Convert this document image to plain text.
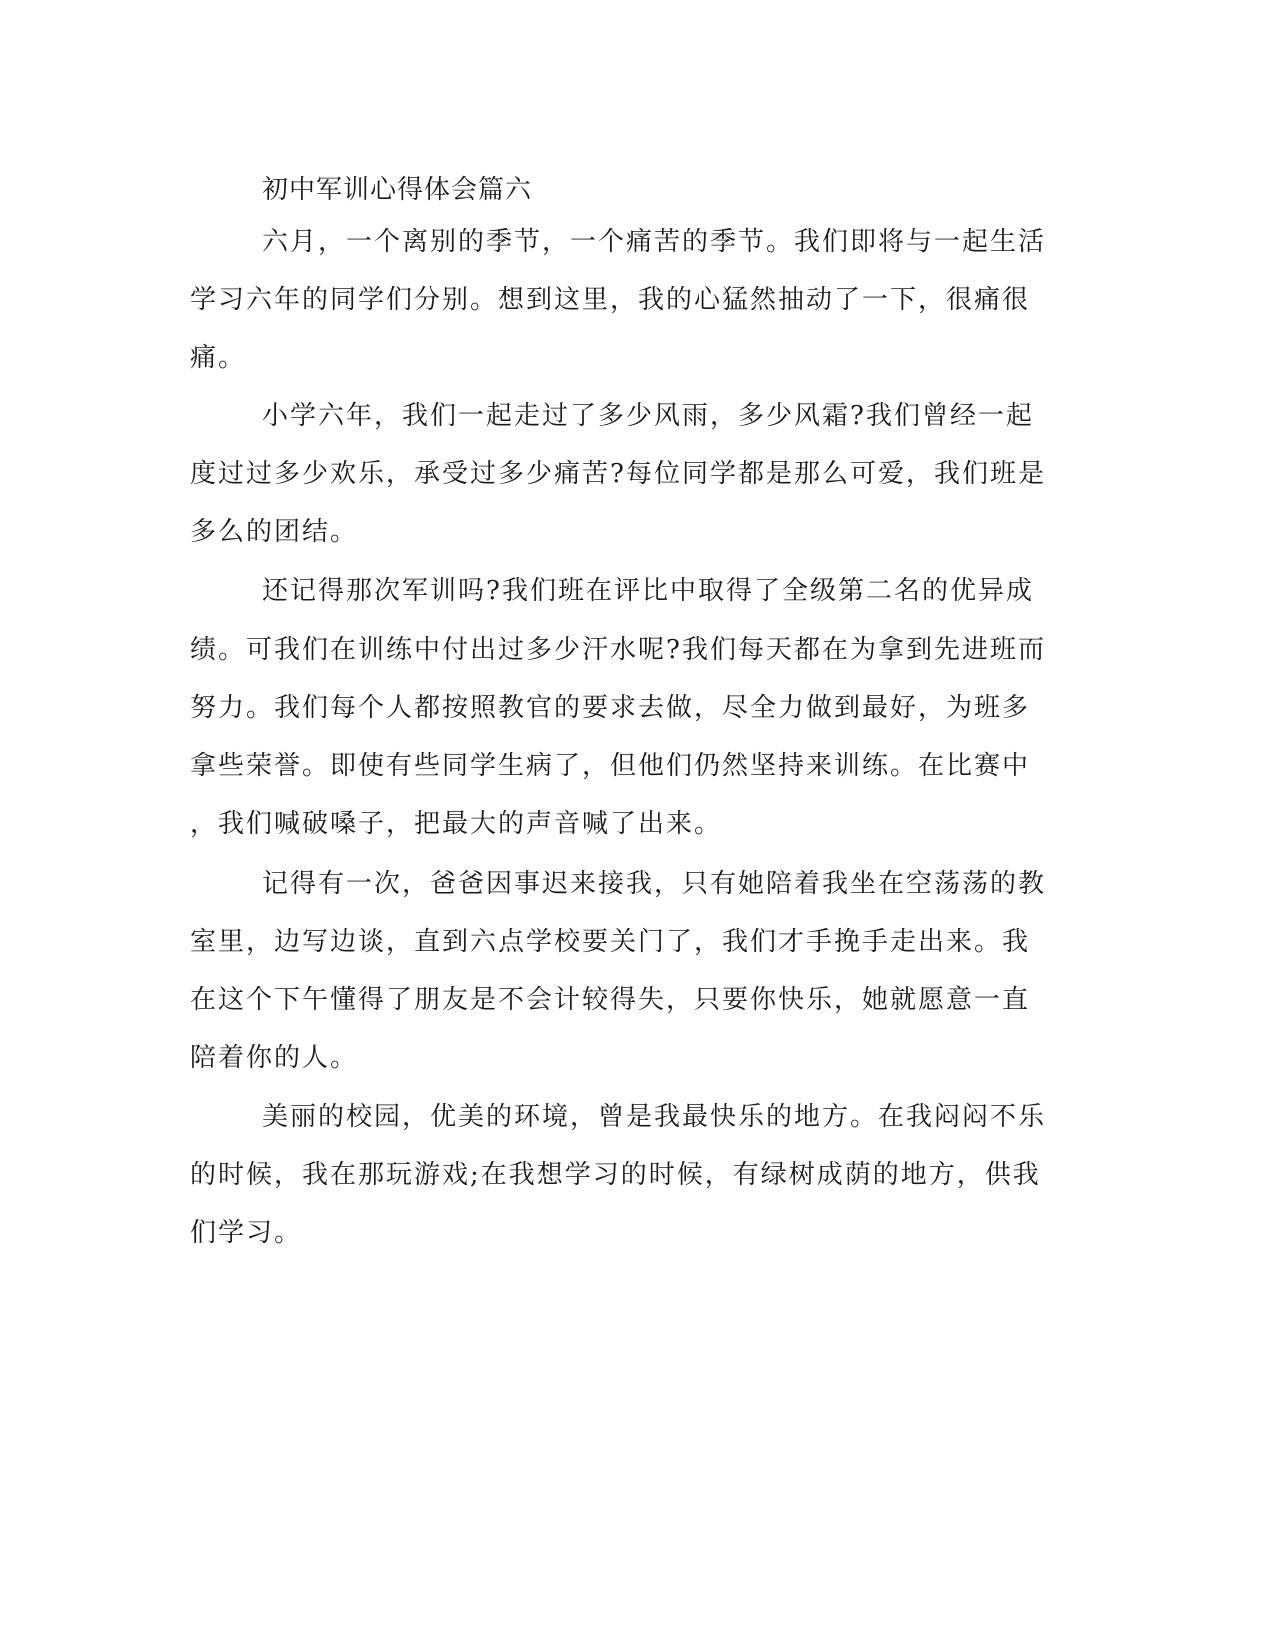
初中军训心得体会篇六
六月，一个离别的季节，一个痛苦的季节。我们即将与一起生活
学习六年的同学们分别。想到这里，我的心猛然抽动了一下，很痛很
痛。
小学六年，我们一起走过了多少风雨，多少风霜?我们曾经一起
度过过多少欢乐，承受过多少痛苦?每位同学都是那么可爱，我们班是
多么的团结。
还记得那次军训吗?我们班在评比中取得了全级第二名的优异成
绩。可我们在训练中付出过多少汗水呢?我们每天都在为拿到先进班而
努力。我们每个人都按照教官的要求去做，尽全力做到最好，为班多
拿些荣誉。即使有些同学生病了，但他们仍然坚持来训练。在比赛中
，我们喊破嗓子，把最大的声音喊了出来。
记得有一次，爸爸因事迟来接我，只有她陪着我坐在空荡荡的教
室里，边写边谈，直到六点学校要关门了，我们才手挽手走出来。我
在这个下午懂得了朋友是不会计较得失，只要你快乐，她就愿意一直
陪着你的人。
美丽的校园，优美的环境，曾是我最快乐的地方。在我闷闷不乐
的时候，我在那玩游戏;在我想学习的时候，有绿树成荫的地方，供我
们学习。
